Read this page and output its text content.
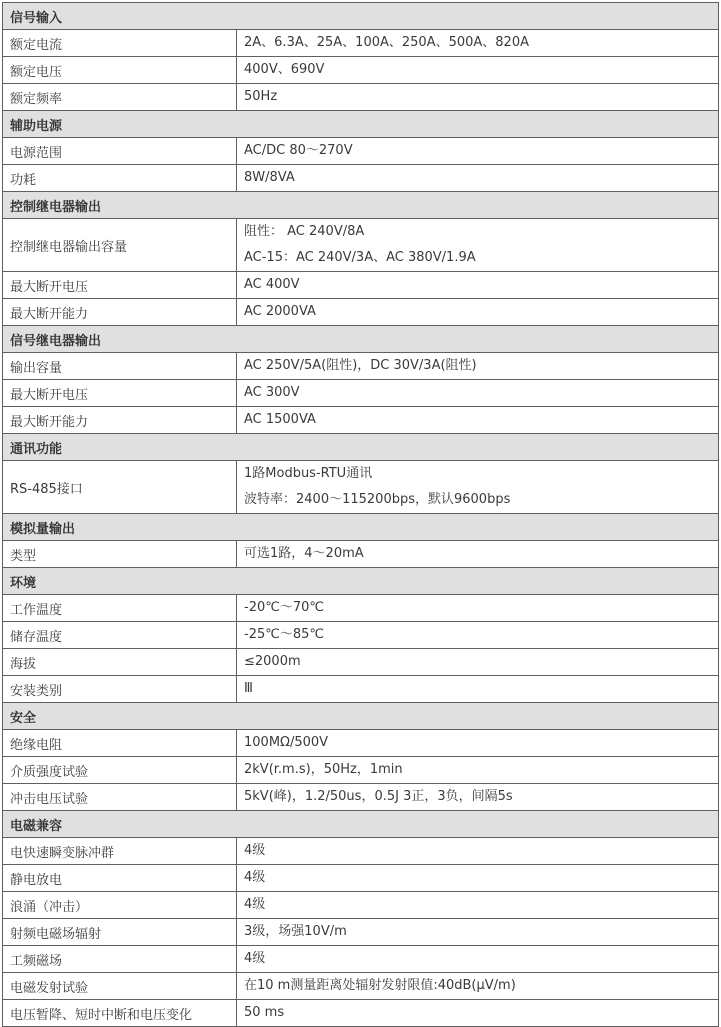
信号输入	
额定电流	2A、6.3A、25A、100A、250A、500A、820A

额定电压	400V、690V

额定频率	50Hz

辅助电源	
电源范围	AC/DC 80～270V

功耗	8W/8VA

控制继电器输出	
控制继电器输出容量	阻性： AC 240V/8A
AC-15：AC 240V/3A、AC 380V/1.9A

最大断开电压	AC 400V

最大断开能力	AC 2000VA

信号继电器输出	
输出容量	AC 250V/5A(阻性)，DC 30V/3A(阻性)

最大断开电压	AC 300V

最大断开能力	AC 1500VA

通讯功能	
RS-485接口	1路Modbus-RTU通讯
波特率：2400～115200bps，默认9600bps

模拟量输出	
类型	可选1路，4～20mA

环境	
工作温度	-20℃～70℃

储存温度	-25℃～85℃

海拔	≤2000m

安装类别	Ⅲ

安全	
绝缘电阻	100MΩ/500V

介质强度试验	2kV(r.m.s)，50Hz，1min

冲击电压试验	5kV(峰)，1.2/50us，0.5J 3正，3负，间隔5s

电磁兼容	
电快速瞬变脉冲群	4级

静电放电	4级

浪涌（冲击）	4级

射频电磁场辐射	3级，场强10V/m

工频磁场	4级

电磁发射试验	在10 m测量距离处辐射发射限值:40dB(μV/m)

电压暂降、短时中断和电压变化	50 ms
